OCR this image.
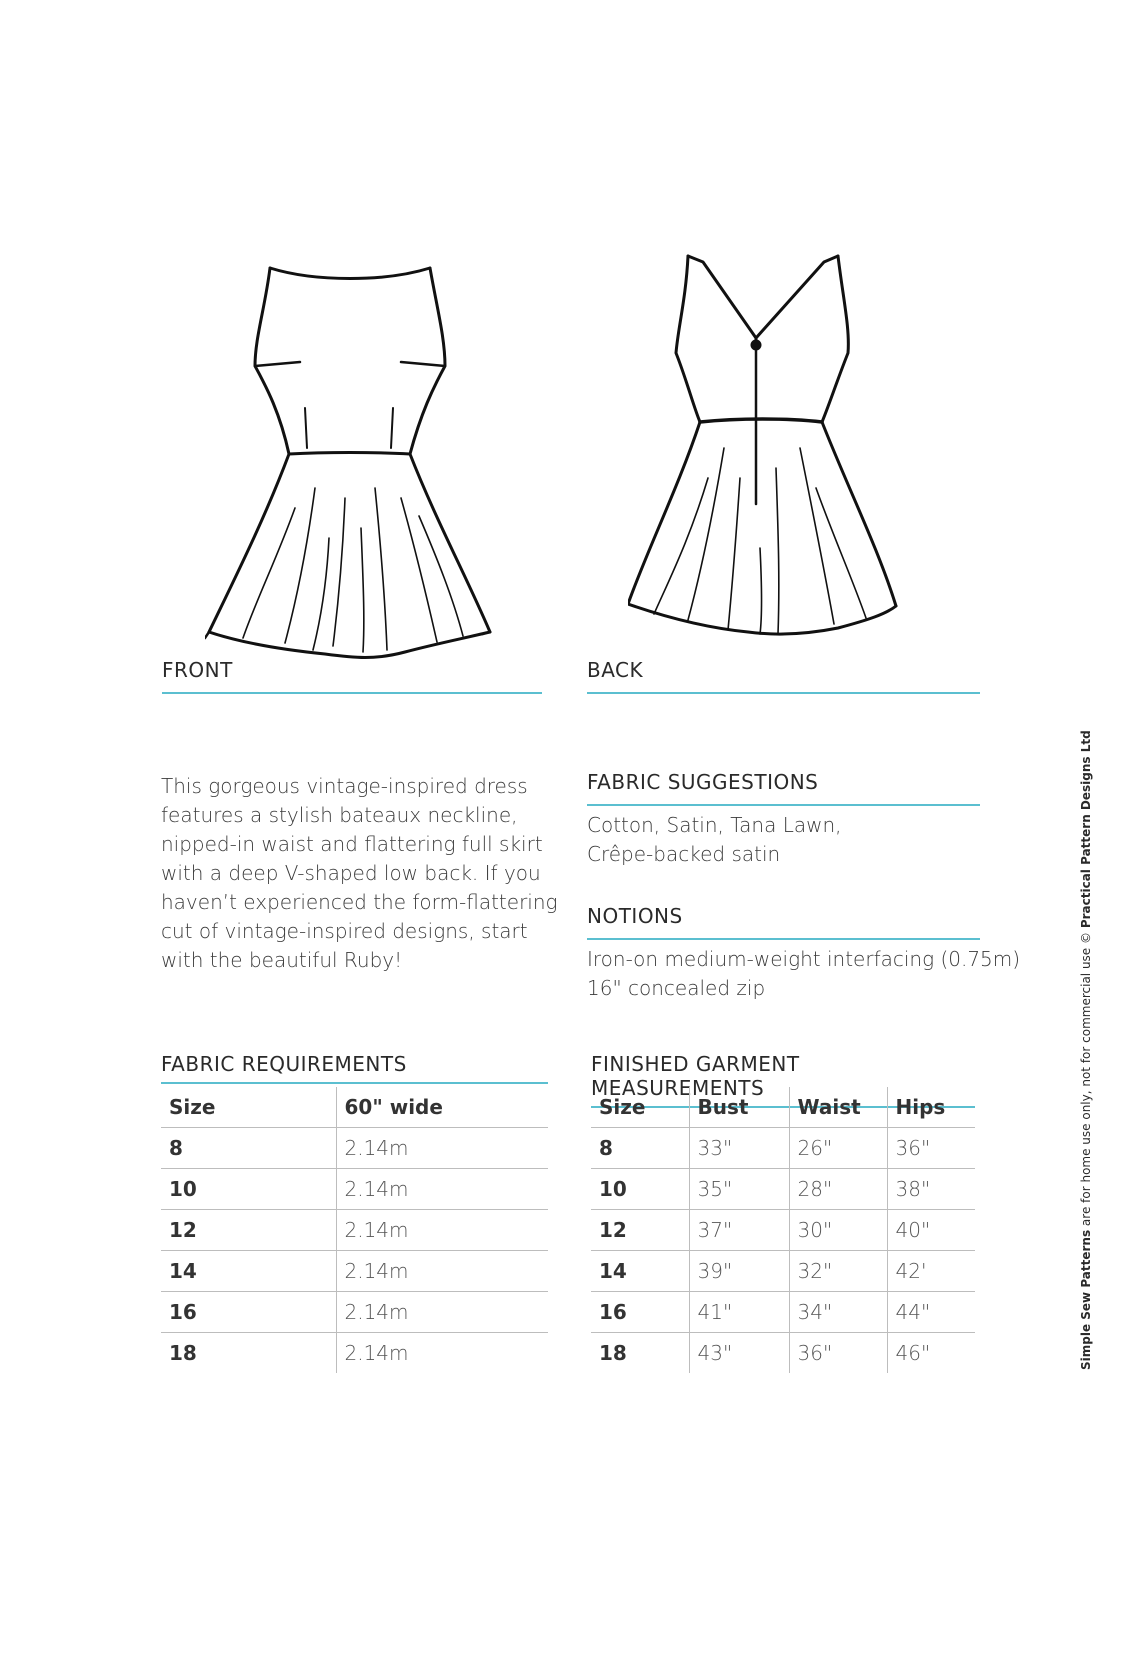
FRONT	BACK

This gorgeous vintage-inspired dress

features a stylish bateaux neckline,

nipped-in waist and flattering full skirt

with a deep V-shaped low back. If you

haven’t experienced the form-flattering

cut of vintage-inspired designs, start

with the beautiful Ruby!

FABRIC SUGGESTIONS

Cotton, Satin, Tana Lawn,

Crêpe-backed satin

NOTIONS

Iron-on medium-weight interfacing (0.75m)

16" concealed zip

FABRIC REQUIREMENTS
Size	60" wide
8	2.14m
10	2.14m
12	2.14m
14	2.14m
16	2.14m
18	2.14m
FINISHED GARMENT MEASUREMENTS
Size	Bust	Waist	Hips
8	33"	26"	36"
10	35"	28"	38"
12	37"	30"	40"
14	39"	32"	42'
16	41"	34"	44"
18	43"	36"	46"	Simple Sew Patterns are for home use only, not for commercial use © Practical Pattern Designs Ltd
